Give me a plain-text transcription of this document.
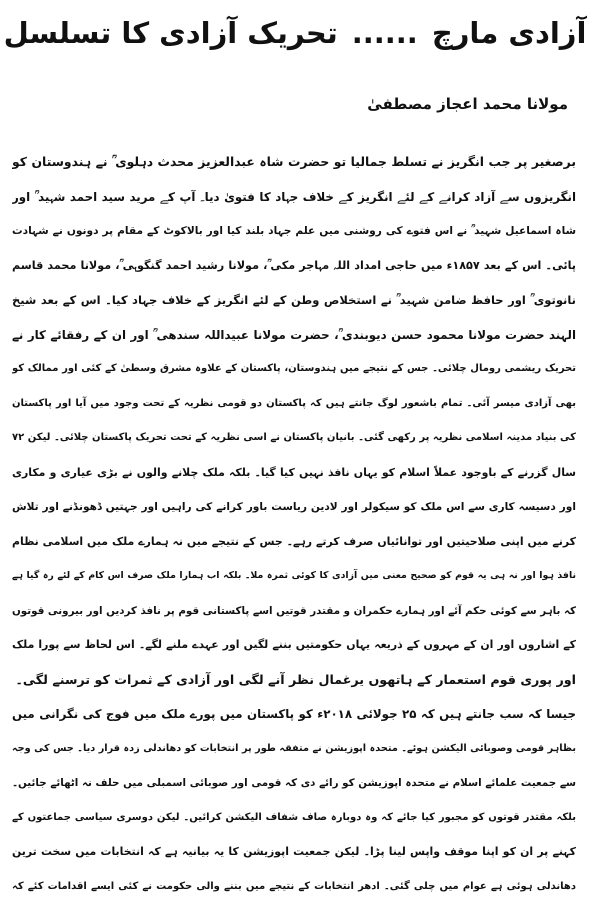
آزادی مارچ......تحریک آزادی کا تسلسل
مولانا محمد اعجاز مصطفیٰ
برصغیر پر جب انگریز نے تسلط جمالیا تو حضرت شاہ عبدالعزیز محدث دہلوی ؒ نے ہندوستان کو
انگریزوں سے آزاد کرانے کے لئے انگریز کے خلاف جہاد کا فتویٰ دیا۔ آپ کے مرید سید احمد شہید ؒ اور
شاہ اسماعیل شہید ؒ نے اس فتوے کی روشنی میں علم جہاد بلند کیا اور بالاکوٹ کے مقام پر دونوں نے شہادت
پائی۔ اس کے بعد ۱۸۵۷ء میں حاجی امداد اللہ مہاجر مکی ؒ، مولانا رشید احمد گنگوہی ؒ، مولانا محمد قاسم
نانوتوی ؒ اور حافظ ضامن شہید ؒ نے استخلاص وطن کے لئے انگریز کے خلاف جہاد کیا۔ اس کے بعد شیخ
الہند حضرت مولانا محمود حسن دیوبندی ؒ، حضرت مولانا عبیداللہ سندھی ؒ اور ان کے رفقائے کار نے
تحریک ریشمی رومال چلائی۔ جس کے نتیجے میں ہندوستان، پاکستان کے علاوہ مشرق وسطیٰ کے کئی اور ممالک کو
بھی آزادی میسر آئی۔ تمام باشعور لوگ جانتے ہیں کہ پاکستان دو قومی نظریہ کے تحت وجود میں آیا اور پاکستان
کی بنیاد مدینہ اسلامی نظریہ پر رکھی گئی۔ بانیان پاکستان نے اسی نظریہ کے تحت تحریک پاکستان چلائی۔ لیکن ۷۲
سال گزرنے کے باوجود عملاً اسلام کو یہاں نافذ نہیں کیا گیا۔ بلکہ ملک چلانے والوں نے بڑی عیاری و مکاری
اور دسیسہ کاری سے اس ملک کو سیکولر اور لادین ریاست باور کرانے کی راہیں اور جہتیں ڈھونڈنے اور تلاش
کرنے میں اپنی صلاحیتیں اور توانائیاں صرف کرتے رہے۔ جس کے نتیجے میں نہ ہمارے ملک میں اسلامی نظام
نافذ ہوا اور نہ ہی یہ قوم کو صحیح معنی میں آزادی کا کوئی ثمرہ ملا۔ بلکہ اب ہمارا ملک صرف اس کام کے لئے رہ گیا ہے
کہ باہر سے کوئی حکم آئے اور ہمارے حکمران و مقتدر قوتیں اسے پاکستانی قوم پر نافذ کردیں اور بیرونی قوتوں
کے اشاروں اور ان کے مہروں کے ذریعہ یہاں حکومتیں بننے لگیں اور عہدے ملنے لگے۔ اس لحاظ سے پورا ملک
اور پوری قوم استعمار کے ہاتھوں یرغمال نظر آنے لگی اور آزادی کے ثمرات کو ترسنے لگی۔
جیسا کہ سب جانتے ہیں کہ ۲۵ جولائی ۲۰۱۸ء کو پاکستان میں پورے ملک میں فوج کی نگرانی میں
بظاہر قومی وصوبائی الیکشن ہوئے۔ متحدہ اپوزیشن نے متفقہ طور پر انتخابات کو دھاندلی زدہ قرار دیا۔ جس کی وجہ
سے جمعیت علمائے اسلام نے متحدہ اپوزیشن کو رائے دی کہ قومی اور صوبائی اسمبلی میں حلف نہ اٹھائے جائیں۔
بلکہ مقتدر قوتوں کو مجبور کیا جائے کہ وہ دوبارہ صاف شفاف الیکشن کرائیں۔ لیکن دوسری سیاسی جماعتوں کے
کہنے پر ان کو اپنا موقف واپس لینا پڑا۔ لیکن جمعیت اپوزیشن کا یہ بیانیہ ہے کہ انتخابات میں سخت ترین
دھاندلی ہوئی ہے عوام میں چلی گئی۔ ادھر انتخابات کے نتیجے میں بننے والی حکومت نے کئی ایسے اقدامات کئے کہ
